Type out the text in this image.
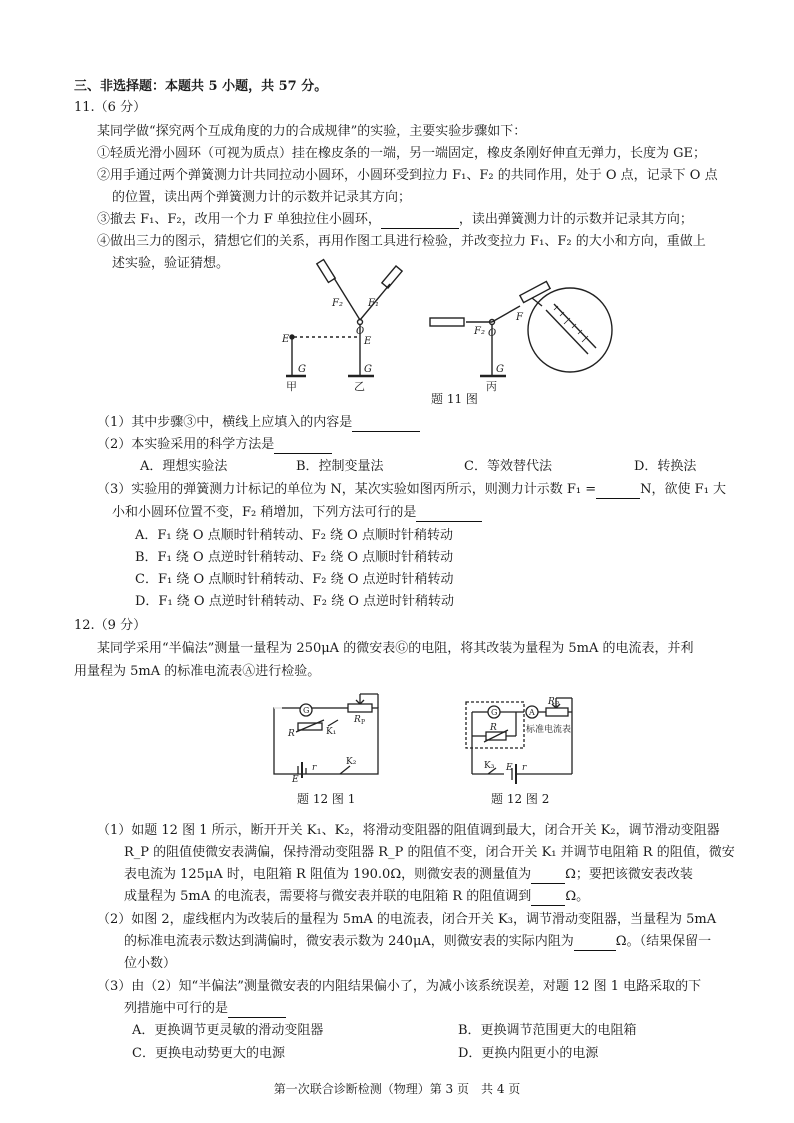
三、非选择题：本题共 5 小题，共 57 分。
11.（6 分）
某同学做“探究两个互成角度的力的合成规律”的实验，主要实验步骤如下：
①轻质光滑小圆环（可视为质点）挂在橡皮条的一端，另一端固定，橡皮条刚好伸直无弹力，长度为 GE；
②用手通过两个弹簧测力计共同拉动小圆环，小圆环受到拉力 F₁、F₂ 的共同作用，处于 O 点，记录下 O 点
的位置，读出两个弹簧测力计的示数并记录其方向；
③撤去 F₁、F₂，改用一个力 F 单独拉住小圆环，	，读出弹簧测力计的示数并记录其方向；
④做出三力的图示，猜想它们的关系，再用作图工具进行检验，并改变拉力 F₁、F₂ 的大小和方向，重做上
述实验，验证猜想。
E
G
E
G
O
F₂	F₁
O
F₂
F
G
甲	乙	丙
题 11 图
（1）其中步骤③中，横线上应填入的内容是
（2）本实验采用的科学方法是
A．理想实验法	B．控制变量法	C．等效替代法	D．转换法
（3）实验用的弹簧测力计标记的单位为 N，某次实验如图丙所示，则测力计示数 F₁ =	N，欲使 F₁ 大
小和小圆环位置不变，F₂ 稍增加，下列方法可行的是
A．F₁ 绕 O 点顺时针稍转动、F₂ 绕 O 点顺时针稍转动
B．F₁ 绕 O 点逆时针稍转动、F₂ 绕 O 点顺时针稍转动
C．F₁ 绕 O 点顺时针稍转动、F₂ 绕 O 点逆时针稍转动
D．F₁ 绕 O 点逆时针稍转动、F₂ 绕 O 点逆时针稍转动
12.（9 分）
某同学采用“半偏法”测量一量程为 250μA 的微安表Ⓖ的电阻，将其改装为量程为 5mA 的电流表，并利
用量程为 5mA 的标准电流表Ⓐ进行检验。
G
R	K₁
R P
E
r
K₂
题 12 图 1
G	A
R
R P
标准电流表
K₃ E r
题 12 图 2
（1）如题 12 图 1 所示，断开开关 K₁、K₂，将滑动变阻器的阻值调到最大，闭合开关 K₂，调节滑动变阻器
R_P 的阻值使微安表满偏，保持滑动变阻器 R_P 的阻值不变，闭合开关 K₁ 并调节电阻箱 R 的阻值，微安
表电流为 125μA 时，电阻箱 R 阻值为 190.0Ω，则微安表的测量值为	Ω；要把该微安表改装
成量程为 5mA 的电流表，需要将与微安表并联的电阻箱 R 的阻值调到	Ω。
（2）如图 2，虚线框内为改装后的量程为 5mA 的电流表，闭合开关 K₃，调节滑动变阻器，当量程为 5mA
的标准电流表示数达到满偏时，微安表示数为 240μA，则微安表的实际内阻为	Ω。（结果保留一
位小数）
（3）由（2）知“半偏法”测量微安表的内阻结果偏小了，为减小该系统误差，对题 12 图 1 电路采取的下
列措施中可行的是
A．更换调节更灵敏的滑动变阻器	B．更换调节范围更大的电阻箱
C．更换电动势更大的电源	D．更换内阻更小的电源
第一次联合诊断检测（物理）第 3 页　共 4 页
